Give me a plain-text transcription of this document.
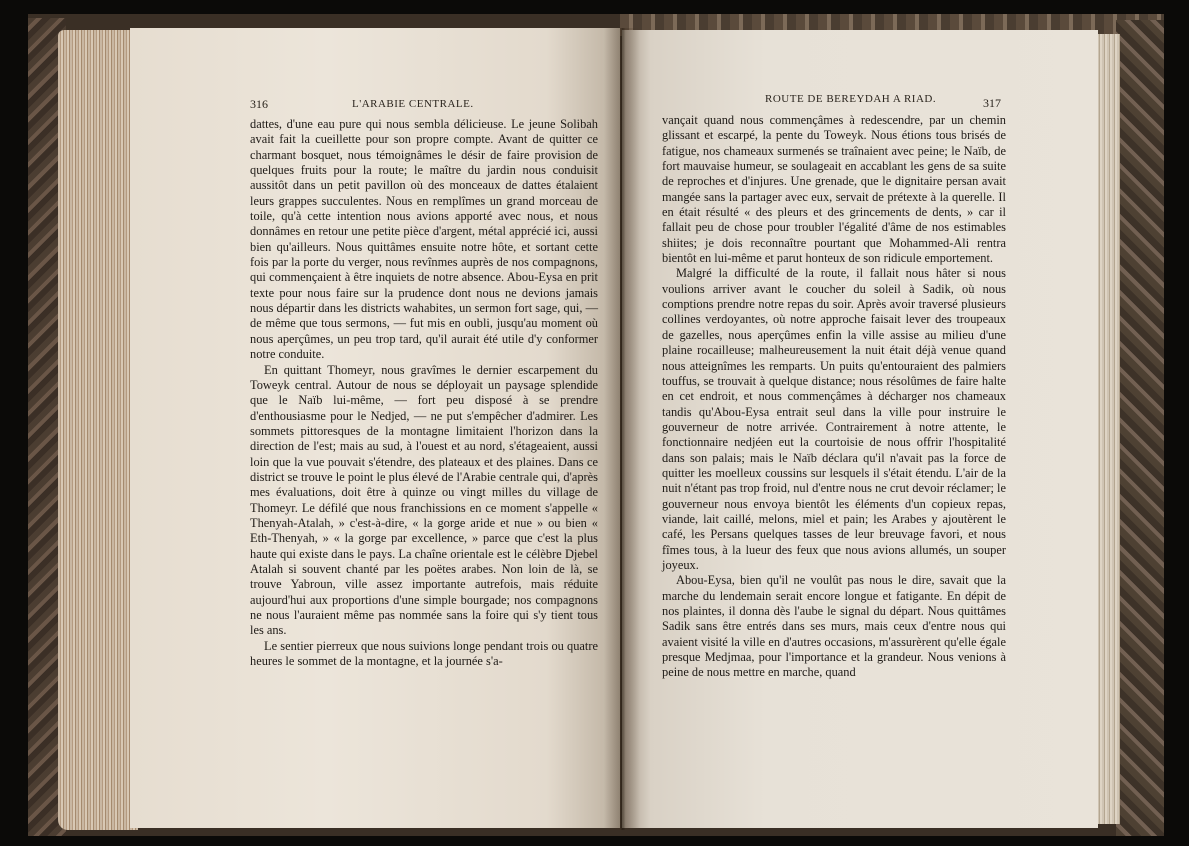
316	L'ARABIE CENTRALE.

dattes, d'une eau pure qui nous sembla délicieuse. Le jeune Solibah avait fait la cueillette pour son propre compte. Avant de quitter ce charmant bosquet, nous témoignâmes le désir de faire provision de quelques fruits pour la route; le maître du jardin nous conduisit aussitôt dans un petit pavillon où des monceaux de dattes étalaient leurs grappes succulentes. Nous en remplîmes un grand morceau de toile, qu'à cette intention nous avions apporté avec nous, et nous donnâmes en retour une petite pièce d'argent, métal apprécié ici, aussi bien qu'ailleurs. Nous quittâmes ensuite notre hôte, et sortant cette fois par la porte du verger, nous revînmes auprès de nos compagnons, qui commençaient à être inquiets de notre absence. Abou-Eysa en prit texte pour nous faire sur la prudence dont nous ne devions jamais nous départir dans les districts wahabites, un sermon fort sage, qui, — de même que tous sermons, — fut mis en oubli, jusqu'au moment où nous aperçûmes, un peu trop tard, qu'il aurait été utile d'y conformer notre conduite.

En quittant Thomeyr, nous gravîmes le dernier escarpement du Toweyk central. Autour de nous se déployait un paysage splendide que le Naïb lui-même, — fort peu disposé à se prendre d'enthousiasme pour le Nedjed, — ne put s'empêcher d'admirer. Les sommets pittoresques de la montagne limitaient l'horizon dans la direction de l'est; mais au sud, à l'ouest et au nord, s'étageaient, aussi loin que la vue pouvait s'étendre, des plateaux et des plaines. Dans ce district se trouve le point le plus élevé de l'Arabie centrale qui, d'après mes évaluations, doit être à quinze ou vingt milles du village de Thomeyr. Le défilé que nous franchissions en ce moment s'appelle « Thenyah-Atalah, » c'est-à-dire, « la gorge aride et nue » ou bien « Eth-Thenyah, » « la gorge par excellence, » parce que c'est la plus haute qui existe dans le pays. La chaîne orientale est le célèbre Djebel Atalah si souvent chanté par les poëtes arabes. Non loin de là, se trouve Yabroun, ville assez importante autrefois, mais réduite aujourd'hui aux proportions d'une simple bourgade; nos compagnons ne nous l'auraient même pas nommée sans la foire qui s'y tient tous les ans.

Le sentier pierreux que nous suivions longe pendant trois ou quatre heures le sommet de la montagne, et la journée s'a-

ROUTE DE BEREYDAH A RIAD.	317

vançait quand nous commençâmes à redescendre, par un chemin glissant et escarpé, la pente du Toweyk. Nous étions tous brisés de fatigue, nos chameaux surmenés se traînaient avec peine; le Naïb, de fort mauvaise humeur, se soulageait en accablant les gens de sa suite de reproches et d'injures. Une grenade, que le dignitaire persan avait mangée sans la partager avec eux, servait de prétexte à la querelle. Il en était résulté « des pleurs et des grincements de dents, » car il fallait peu de chose pour troubler l'égalité d'âme de nos estimables shiites; je dois reconnaître pourtant que Mohammed-Ali rentra bientôt en lui-même et parut honteux de son ridicule emportement.

Malgré la difficulté de la route, il fallait nous hâter si nous voulions arriver avant le coucher du soleil à Sadik, où nous comptions prendre notre repas du soir. Après avoir traversé plusieurs collines verdoyantes, où notre approche faisait lever des troupeaux de gazelles, nous aperçûmes enfin la ville assise au milieu d'une plaine rocailleuse; malheureusement la nuit était déjà venue quand nous atteignîmes les remparts. Un puits qu'entouraient des palmiers touffus, se trouvait à quelque distance; nous résolûmes de faire halte en cet endroit, et nous commençâmes à décharger nos chameaux tandis qu'Abou-Eysa entrait seul dans la ville pour instruire le gouverneur de notre arrivée. Contrairement à notre attente, le fonctionnaire nedjéen eut la courtoisie de nous offrir l'hospitalité dans son palais; mais le Naïb déclara qu'il n'avait pas la force de quitter les moelleux coussins sur lesquels il s'était étendu. L'air de la nuit n'étant pas trop froid, nul d'entre nous ne crut devoir réclamer; le gouverneur nous envoya bientôt les éléments d'un copieux repas, viande, lait caillé, melons, miel et pain; les Arabes y ajoutèrent le café, les Persans quelques tasses de leur breuvage favori, et nous fîmes tous, à la lueur des feux que nous avions allumés, un souper joyeux.

Abou-Eysa, bien qu'il ne voulût pas nous le dire, savait que la marche du lendemain serait encore longue et fatigante. En dépit de nos plaintes, il donna dès l'aube le signal du départ. Nous quittâmes Sadik sans être entrés dans ses murs, mais ceux d'entre nous qui avaient visité la ville en d'autres occasions, m'assurèrent qu'elle égale presque Medjmaa, pour l'importance et la grandeur. Nous venions à peine de nous mettre en marche, quand
